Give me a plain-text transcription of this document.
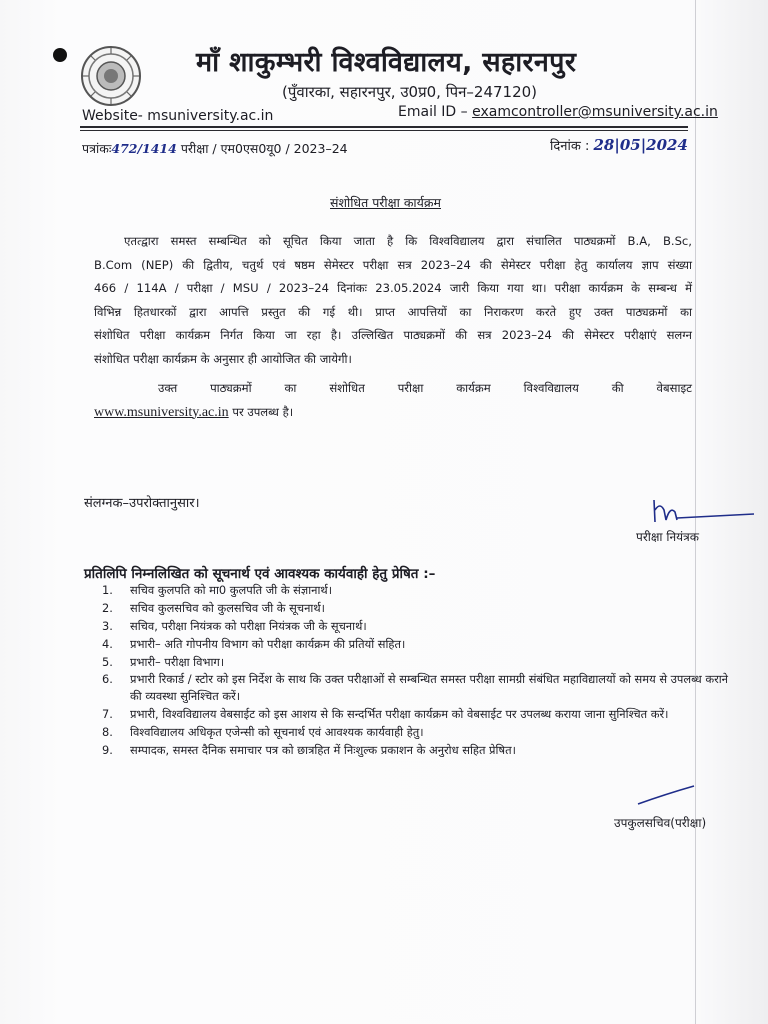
माँ शाकुम्भरी विश्वविद्यालय, सहारनपुर
(पुँवारका, सहारनपुर, उ0प्र0, पिन–247120)
Website- msuniversity.ac.in	Email ID – examcontroller@msuniversity.ac.in
पत्रांकः472/1414 परीक्षा / एम0एस0यू0 / 2023–24	दिनांक : 28|05|2024
संशोधित परीक्षा कार्यक्रम
एतत्द्वारा समस्त सम्बन्धित को सूचित किया जाता है कि विश्वविद्यालय द्वारा संचालित पाठ्यक्रमों B.A, B.Sc,
B.Com (NEP) की द्वितीय, चतुर्थ एवं षष्ठम सेमेस्टर परीक्षा सत्र 2023–24 की सेमेस्टर परीक्षा हेतु कार्यालय ज्ञाप संख्या
466 / 114A / परीक्षा / MSU / 2023–24 दिनांकः 23.05.2024 जारी किया गया था। परीक्षा कार्यक्रम के सम्बन्ध में
विभिन्न हितधारकों द्वारा आपत्ति प्रस्तुत की गई थी। प्राप्त आपत्तियों का निराकरण करते हुए उक्त पाठ्यक्रमों का
संशोधित परीक्षा कार्यक्रम निर्गत किया जा रहा है। उल्लिखित पाठ्यक्रमों की सत्र 2023–24 की सेमेस्टर परीक्षाएं सलग्न
संशोधित परीक्षा कार्यक्रम के अनुसार ही आयोजित की जायेगी।
उक्त पाठ्यक्रमों का संशोधित परीक्षा कार्यक्रम विश्वविद्यालय की वेबसाइट
www.msuniversity.ac.in पर उपलब्ध है।
संलग्नक–उपरोक्तानुसार।
परीक्षा नियंत्रक
प्रतिलिपि निम्नलिखित को सूचनार्थ एवं आवश्यक कार्यवाही हेतु प्रेषित :–
1.	सचिव कुलपति को मा0 कुलपति जी के संज्ञानार्थ।
2.	सचिव कुलसचिव को कुलसचिव जी के सूचनार्थ।
3.	सचिव, परीक्षा नियंत्रक को परीक्षा नियंत्रक जी के सूचनार्थ।
4.	प्रभारी– अति गोपनीय विभाग को परीक्षा कार्यक्रम की प्रतियों सहित।
5.	प्रभारी– परीक्षा विभाग।
6.	प्रभारी रिकार्ड / स्टोर को इस निर्देश के साथ कि उक्त परीक्षाओं से सम्बन्धित समस्त परीक्षा सामग्री संबंधित महाविद्यालयों को समय से उपलब्ध कराने की व्यवस्था सुनिश्चित करें।
7.	प्रभारी, विश्वविद्यालय वेबसाईट को इस आशय से कि सन्दर्भित परीक्षा कार्यक्रम को वेबसाईट पर उपलब्ध कराया जाना सुनिश्चित करें।
8.	विश्वविद्यालय अधिकृत एजेन्सी को सूचनार्थ एवं आवश्यक कार्यवाही हेतु।
9.	सम्पादक, समस्त दैनिक समाचार पत्र को छात्रहित में निःशुल्क प्रकाशन के अनुरोध सहित प्रेषित।
उपकुलसचिव(परीक्षा)
